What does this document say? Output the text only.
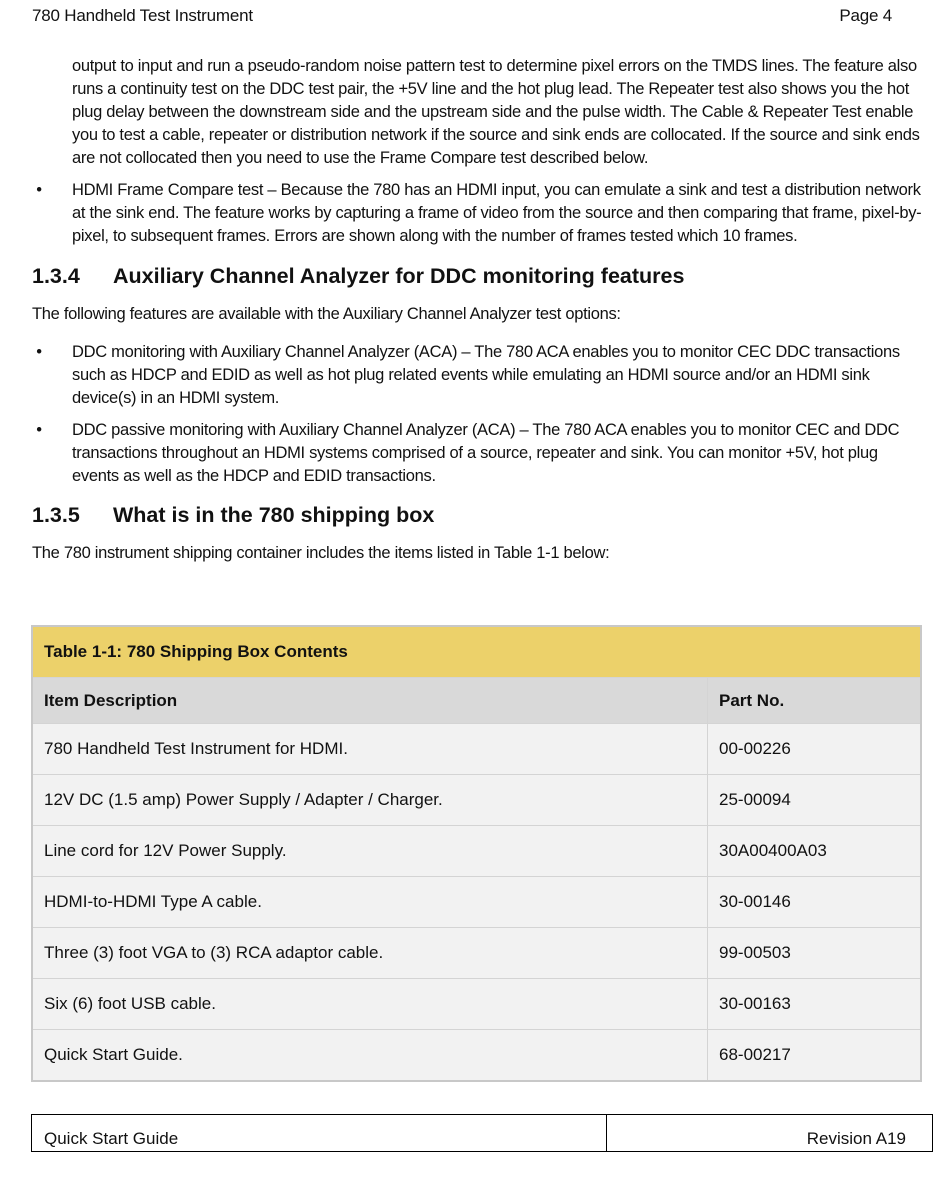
780 Handheld Test Instrument	Page 4
output to input and run a pseudo-random noise pattern test to determine pixel errors on the TMDS lines. The feature also runs a continuity test on the DDC test pair, the +5V line and the hot plug lead. The Repeater test also shows you the hot plug delay between the downstream side and the upstream side and the pulse width. The Cable & Repeater Test enable you to test a cable, repeater or distribution network if the source and sink ends are collocated. If the source and sink ends are not collocated then you need to use the Frame Compare test described below.
• HDMI Frame Compare test – Because the 780 has an HDMI input, you can emulate a sink and test a distribution network at the sink end. The feature works by capturing a frame of video from the source and then comparing that frame, pixel-by-pixel, to subsequent frames. Errors are shown along with the number of frames tested which 10 frames.
1.3.4	Auxiliary Channel Analyzer for DDC monitoring features

The following features are available with the Auxiliary Channel Analyzer test options:

• DDC monitoring with Auxiliary Channel Analyzer (ACA) – The 780 ACA enables you to monitor CEC DDC transactions such as HDCP and EDID as well as hot plug related events while emulating an HDMI source and/or an HDMI sink device(s) in an HDMI system.
• DDC passive monitoring with Auxiliary Channel Analyzer (ACA) – The 780 ACA enables you to monitor CEC and DDC transactions throughout an HDMI systems comprised of a source, repeater and sink. You can monitor +5V, hot plug events as well as the HDCP and EDID transactions.
1.3.5	What is in the 780 shipping box

The 780 instrument shipping container includes the items listed in Table 1-1 below:

Table 1-1: 780 Shipping Box Contents	
Item Description	Part No.
780 Handheld Test Instrument for HDMI.	00-00226
12V DC (1.5 amp) Power Supply / Adapter / Charger.	25-00094
Line cord for 12V Power Supply.	30A00400A03
HDMI-to-HDMI Type A cable.	30-00146
Three (3) foot VGA to (3) RCA adaptor cable.	99-00503
Six (6) foot USB cable.	30-00163
Quick Start Guide.	68-00217
Quick Start Guide	Revision A19
